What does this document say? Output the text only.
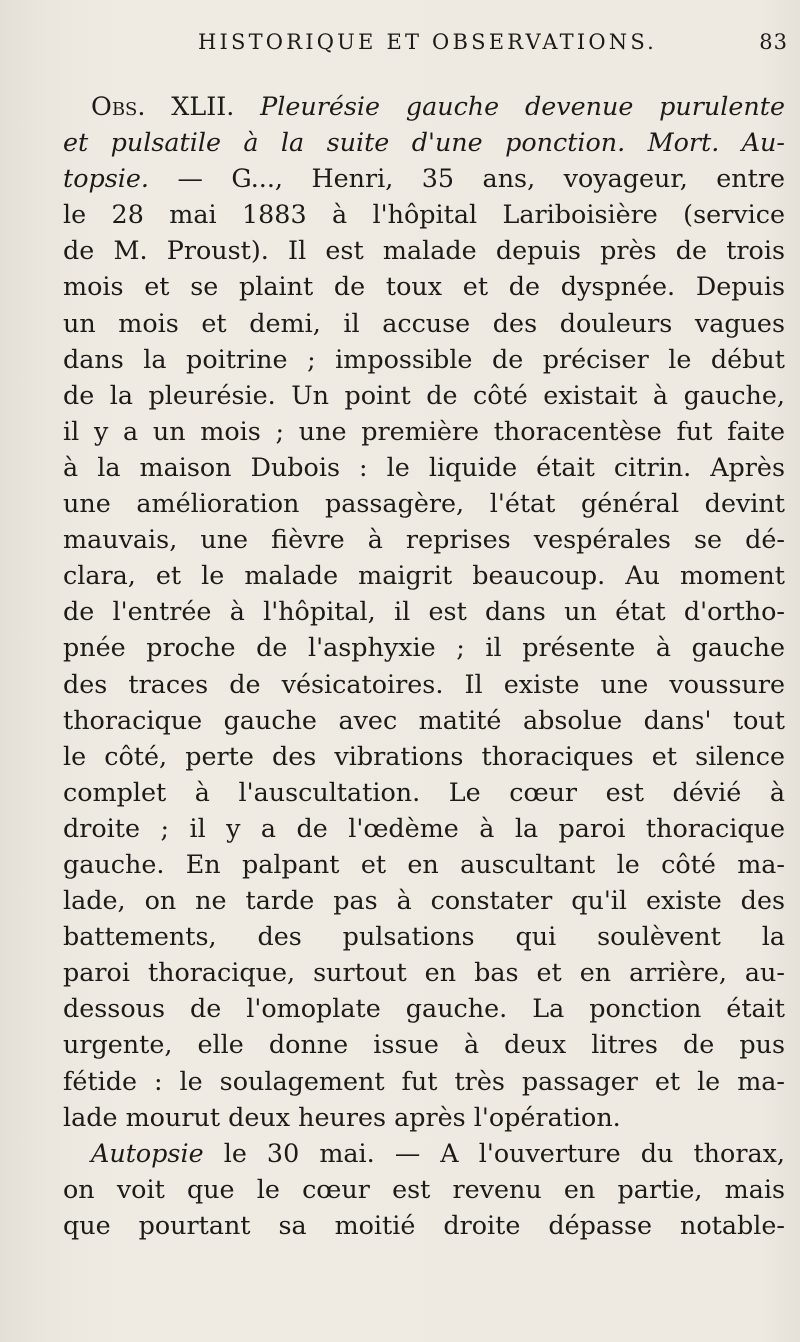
HISTORIQUE ET OBSERVATIONS.	83
Obs. XLII. Pleurésie gauche devenue purulente
et pulsatile à la suite d'une ponction. Mort. Au-
topsie. — G..., Henri, 35 ans, voyageur, entre
le 28 mai 1883 à l'hôpital Lariboisière (service
de M. Proust). Il est malade depuis près de trois
mois et se plaint de toux et de dyspnée. Depuis
un mois et demi, il accuse des douleurs vagues
dans la poitrine ; impossible de préciser le début
de la pleurésie. Un point de côté existait à gauche,
il y a un mois ; une première thoracentèse fut faite
à la maison Dubois : le liquide était citrin. Après
une amélioration passagère, l'état général devint
mauvais, une fièvre à reprises vespérales se dé-
clara, et le malade maigrit beaucoup. Au moment
de l'entrée à l'hôpital, il est dans un état d'ortho-
pnée proche de l'asphyxie ; il présente à gauche
des traces de vésicatoires. Il existe une voussure
thoracique gauche avec matité absolue dans' tout
le côté, perte des vibrations thoraciques et silence
complet à l'auscultation. Le cœur est dévié à
droite ; il y a de l'œdème à la paroi thoracique
gauche. En palpant et en auscultant le côté ma-
lade, on ne tarde pas à constater qu'il existe des
battements, des pulsations qui soulèvent la
paroi thoracique, surtout en bas et en arrière, au-
dessous de l'omoplate gauche. La ponction était
urgente, elle donne issue à deux litres de pus
fétide : le soulagement fut très passager et le ma-
lade mourut deux heures après l'opération.
Autopsie le 30 mai. — A l'ouverture du thorax,
on voit que le cœur est revenu en partie, mais
que pourtant sa moitié droite dépasse notable-
